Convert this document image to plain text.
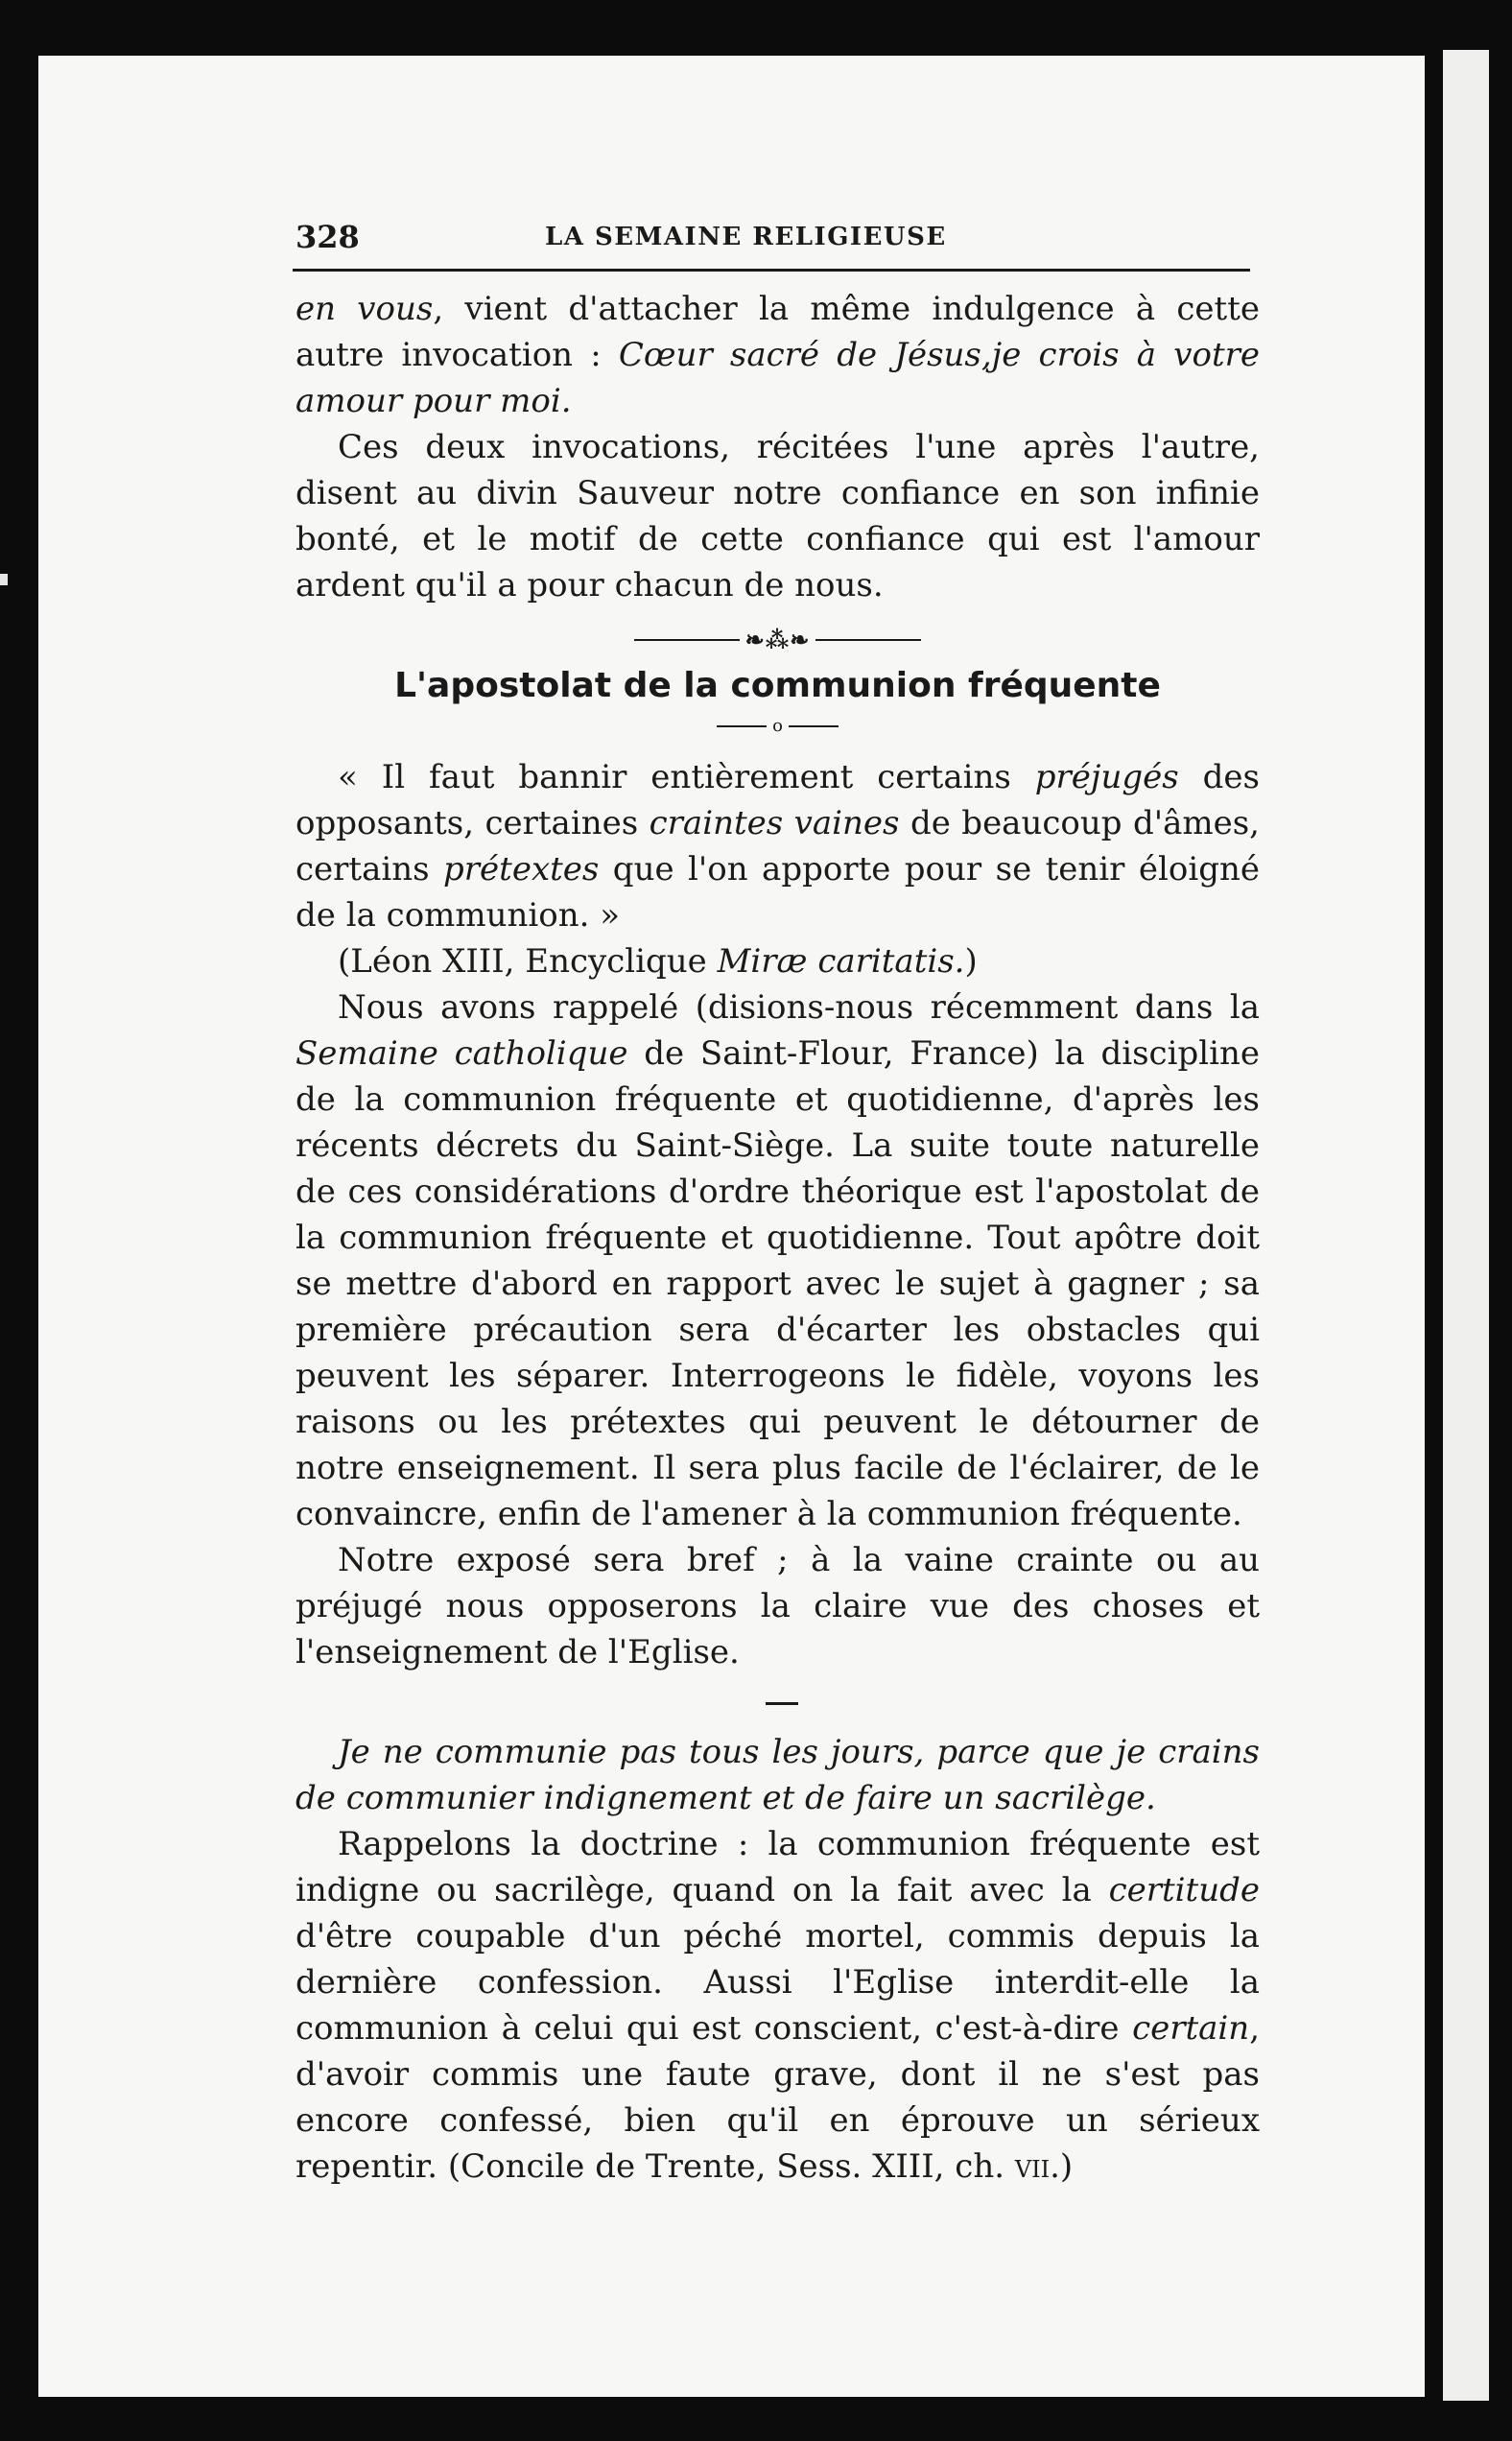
328	LA SEMAINE RELIGIEUSE

en vous, vient d'attacher la même indulgence à cette autre invocation : Cœur sacré de Jésus,je crois à votre amour pour moi.

Ces deux invocations, récitées l'une après l'autre, disent au divin Sauveur notre confiance en son infinie bonté, et le motif de cette confiance qui est l'amour ardent qu'il a pour chacun de nous.

❧⁂❧
L'apostolat de la communion fréquente
o

« Il faut bannir entièrement certains préjugés des opposants, certaines craintes vaines de beaucoup d'âmes, certains prétextes que l'on apporte pour se tenir éloigné de la communion. »

(Léon XIII, Encyclique Miræ caritatis.)

Nous avons rappelé (disions-nous récemment dans la Semaine catholique de Saint-Flour, France) la discipline de la communion fréquente et quotidienne, d'après les récents décrets du Saint-Siège. La suite toute naturelle de ces considérations d'ordre théorique est l'apostolat de la communion fréquente et quotidienne. Tout apôtre doit se mettre d'abord en rapport avec le sujet à gagner ; sa première précaution sera d'écarter les obstacles qui peuvent les séparer. Interrogeons le fidèle, voyons les raisons ou les prétextes qui peuvent le détourner de notre enseignement. Il sera plus facile de l'éclairer, de le convaincre, enfin de l'amener à la communion fréquente.

Notre exposé sera bref ; à la vaine crainte ou au préjugé nous opposerons la claire vue des choses et l'enseignement de l'Eglise.

Je ne communie pas tous les jours, parce que je crains de communier indignement et de faire un sacrilège.

Rappelons la doctrine : la communion fréquente est indigne ou sacrilège, quand on la fait avec la certitude d'être coupable d'un péché mortel, commis depuis la dernière confession. Aussi l'Eglise interdit-elle la communion à celui qui est conscient, c'est-à-dire certain, d'avoir commis une faute grave, dont il ne s'est pas encore confessé, bien qu'il en éprouve un sérieux repentir. (Concile de Trente, Sess. XIII, ch. vii.)
